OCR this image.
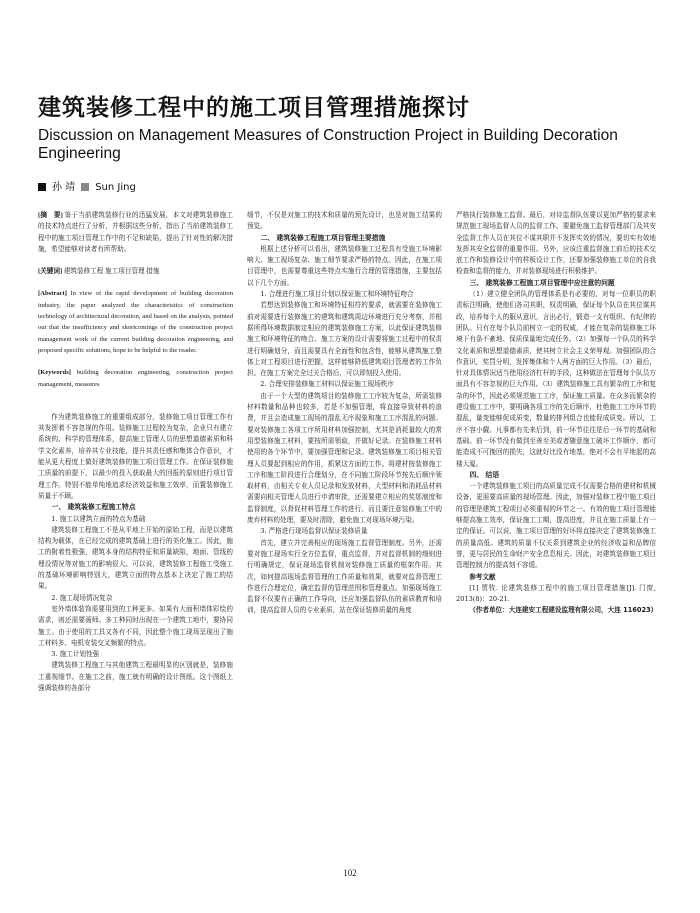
建筑装修工程中的施工项目管理措施探讨

Discussion on Management Measures of Construction Project in Building Decoration Engineering

孙 靖 Sun Jing

[摘　要] 鉴于当前建筑装修行业的迅猛发展，本文对建筑装修施工的技术特点进行了分析，并根据这些分析，指出了当前建筑装修工程中的施工项目管理工作中的不足和缺陷，提出了针对性的解决措施，希望能够对读者有所帮助。

[关键词] 建筑装修工程 施工项目管理 措施

[Abstract] In view of the rapid development of building decoration industry, the paper analyzed the characteristics of construction technology of architectural decoration, and based on the analysis, pointed out that the insufficiency and shortcomings of the construction project management work of the current building decoration engineering, and proposed specific solutions, hope to be helpful to the reader.

[Keywords] building decoration engineering, construction project management, measures

作为建筑装修施工的重要组成部分，装修施工项目管理工作有其发挥着不容忽视的作用。装修施工过程较为复杂，企业只有建立系统的、科学的管理体系，提高施工管理人员的思想道德素质和科学文化素养，培养其专业技能，提升其责任感和集体合作意识，才能从更大程度上做好建筑装修的施工项目管理工作。在保证装修施工质量的前提下，以最少的投入获取最大的回报的原则进行项目管理工作。特别不能单纯地追求经济效益和施工效率，而置装修施工质量于不顾。

一、 建筑装修工程施工特点

1. 施工以建筑立面的特点为基础

建筑装修工程施工不是从平地上开始的原始工程，而是以建筑结构为载体，在已经完成的建筑基础上进行的美化施工。因此，施工的附着性极强，建筑本身的结构特征和质量缺陷，地面、管线的埋设情况等对施工的影响很大。可以说，建筑装修工程施工受施工的基础环境影响特别大，建筑立面的特点基本上决定了施工的结果。

2. 施工现场情况复杂

室外墙体装饰需要用到的工种更多。如果有大面积墙体彩绘的需求，则还需要画师。多工种同时出现在一个建筑工地中，要协同施工。由于使用的工具又各有不同，因此整个施工现场呈现出了施工材料多、电机安装交叉频繁的特点。

3. 施工计划性强

建筑装修工程施工与其他建筑工程最明显的区别就是，装修施工重视细节。在施工之前，施工就有明确的设计图纸。这个图纸上强调装修的各部分

细节，不仅是对施工的技术和质量的预先设计，也是对施工结果的预览。

二、 建筑装修工程施工项目管理主要措施

根据上述分析可以看出，建筑装修施工过程具有受施工环境影响大、施工现场复杂、施工细节要求严格的特点。因此，在施工项目管理中，也需要尊重这些特点实施行合理的管理措施，主要包括以下几个方面。

1. 合理进行施工项目计划以保证施工和环境特征吻合

若想达到装修施工和环境特征相符的要求，就需要在装修施工前对需要进行装修施工的建筑和建筑周边环境进行充分考察，并根据所得环境数据制定相应的建筑装修施工方案，以此保证建筑装修施工和环境特征的吻合。施工方案的设计需要将施工过程中的权责进行明确划分，而且需要具有全面性和包含性，能够从建筑施工整体上对工程项目进行把握，这样能够降低建筑项目管理者的工作负担。在施工方案完全过关合格后，可以即刻投入使用。

2. 合理安排装修施工材料以保证施工现场秩序

由于一个大型的建筑项目的装修施工工序较为复杂，所需装修材料数量和品种也较多，若是不加强管理，将直接导致材料的浪费，并且会造成施工现场的混乱无序现象和施工工序混乱的问题。要对装修施工各项工序所用材料加强控制，尤其是消耗量较大的常用型装修施工材料，要按所需领取，并做好记录。在装修施工材料使用的各个环节中，要加强管理和记录。建筑装修施工项目相关管理人员要起到相应的作用，抓紧这方面的工作。将建材按装修施工工序和施工阶段进行合理划分，在不同施工阶段环节按先后顺序领取材料，由相关专业人员记录和发放材料，大型材料和消耗品材料需要向相关管理人员进行申请审批，还需要建立相应的奖惩制度和监督制度，以督促材料管理工作的进行。而且要注意装修施工中的废弃材料的处理，要及时清除，避免施工对现场环境污染。

3. 严格进行现场监督以保证装修质量

首先，建立并完善相应的现场施工监督管理制度。另外，还需要对施工现场实行全方位监督，重点监督，并对监督机制的细则进行明确规定，保证现场监督机制对装修施工质量的框架作用。其次，如何提高现场监督管理的工作质量和效果，就要对监督管理工作进行合理定位，确定监督的管理范围和管理重点。加强现场施工监督不仅要有正确的工作导向，还应加强监督队伍的素质教育和培训，提高监督人员的专业素质，站在保证装修质量的角度

严格执行装修施工监督。最后，对待监督队伍要以更加严格的要求来规范施工现场监督人员的监督工作。要避免施工监督管理部门及其安全监督工作人员在其位不谋其职并不发挥实效的情况，要切实有效地发挥其安全监督的重要作用。另外，应该注重监督施工前后的技术交底工作和装修设计中的样板设计工作，还要加强装修施工单位的自我检查和监督的能力，并对装修现场进行积极维护。

三、 建筑装修工程施工项目管理中应注意的问题

（1）建立健全团队的管理体系是有必要的，对每一位职员的职责标注明确，使他们各司其职，权责明确，保证每个队员在其位谋其政，培养每个人的服从意识，言出必行，锻造一支有组织、有纪律的团队。只有在每个队员前树立一定的权威，才能在复杂的装修施工环境下有条不紊地、保质保量地完成任务。（2）加强每一个队员的科学文化素质和思想道德素质，使其树立社会主义荣辱观。加强团队的合作意识，奖罚分明，发挥集体和个人两方面的巨大作用。（3）最后，针对具体情况适当使用经济杠杆的手段，这种做法在管理每个队员方面具有不容忽视的巨大作用。（3）建筑装修施工具有繁杂的工序和复杂的环节，因此必须规范施工工序，保证施工质量。在众多而繁杂的建设施工工序中，要明确各项工序的先后顺序，杜绝施工工序环节的混乱，量变能够促成质变，数量的排列组合也能促成质变。所以，工序不容小觑。凡事都有先来后到，前一环节往往是后一环节的基础和基础。前一环节没有做到至善至美或者随意施工破坏工作顺序，都可能造成不可挽回的损失，这就好比没有地基，绝对不会有平地起的高楼大厦。

四、 结语

一个建筑装修施工项目的高质量完成不仅需要合格的建材和机械设备，更需要高质量的现场管理。因此，加强对装修工程中施工项目的管理是建筑工程项目必须重视的环节之一。有效的施工项目管理能够提高施工效率，保证施工工期，提高进度，并且在施工质量上有一定的保证。可以说，施工项目管理的好坏将直接决定了建筑装修施工的质量高低。建筑的质量不仅关系到建筑企业的经济收益和品牌信誉，更与居民的生命财产安全息息相关。因此，对建筑装修施工项目管理控制力的提高刻不容缓。

参考文献

[1] 贾牧. 论建筑装修工程中的施工项目管理措施[J]. 门窗, 2013(8)：20-21.

（作者单位：大连建安工程建设监理有限公司，大连 116023）

102
